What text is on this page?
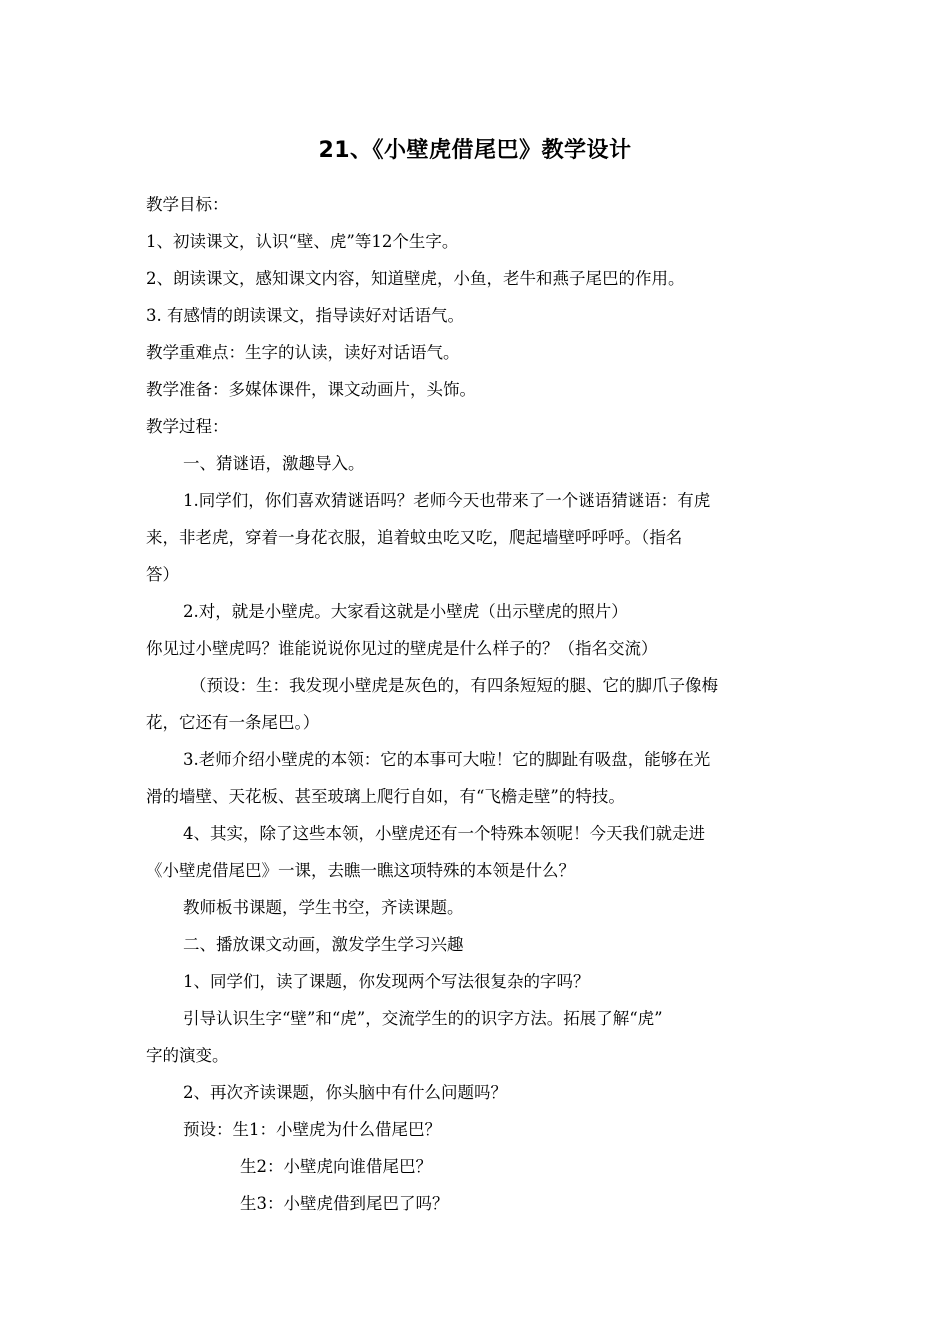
21、《小壁虎借尾巴》教学设计
教学目标：
1、初读课文，认识“壁、虎”等12个生字。
2、朗读课文，感知课文内容，知道壁虎，小鱼，老牛和燕子尾巴的作用。
3. 有感情的朗读课文，指导读好对话语气。
教学重难点：生字的认读，读好对话语气。
教学准备：多媒体课件，课文动画片，头饰。
教学过程：
一、猜谜语，激趣导入。
1.同学们，你们喜欢猜谜语吗？老师今天也带来了一个谜语猜谜语：有虎
来，非老虎，穿着一身花衣服，追着蚊虫吃又吃，爬起墙壁呼呼呼。（指名
答）
2.对，就是小壁虎。大家看这就是小壁虎（出示壁虎的照片）
你见过小壁虎吗？谁能说说你见过的壁虎是什么样子的？（指名交流）
（预设：生：我发现小壁虎是灰色的，有四条短短的腿、它的脚爪子像梅
花，它还有一条尾巴。）
3.老师介绍小壁虎的本领：它的本事可大啦！它的脚趾有吸盘，能够在光
滑的墙壁、天花板、甚至玻璃上爬行自如，有“飞檐走壁”的特技。
4、其实，除了这些本领，小壁虎还有一个特殊本领呢！今天我们就走进
《小壁虎借尾巴》一课，去瞧一瞧这项特殊的本领是什么？
教师板书课题，学生书空，齐读课题。
二、播放课文动画，激发学生学习兴趣
1、同学们，读了课题，你发现两个写法很复杂的字吗？
引导认识生字“壁”和“虎”，交流学生的的识字方法。拓展了解“虎”
字的演变。
2、再次齐读课题，你头脑中有什么问题吗？
预设：生1：小壁虎为什么借尾巴？
生2：小壁虎向谁借尾巴？
生3：小壁虎借到尾巴了吗？
